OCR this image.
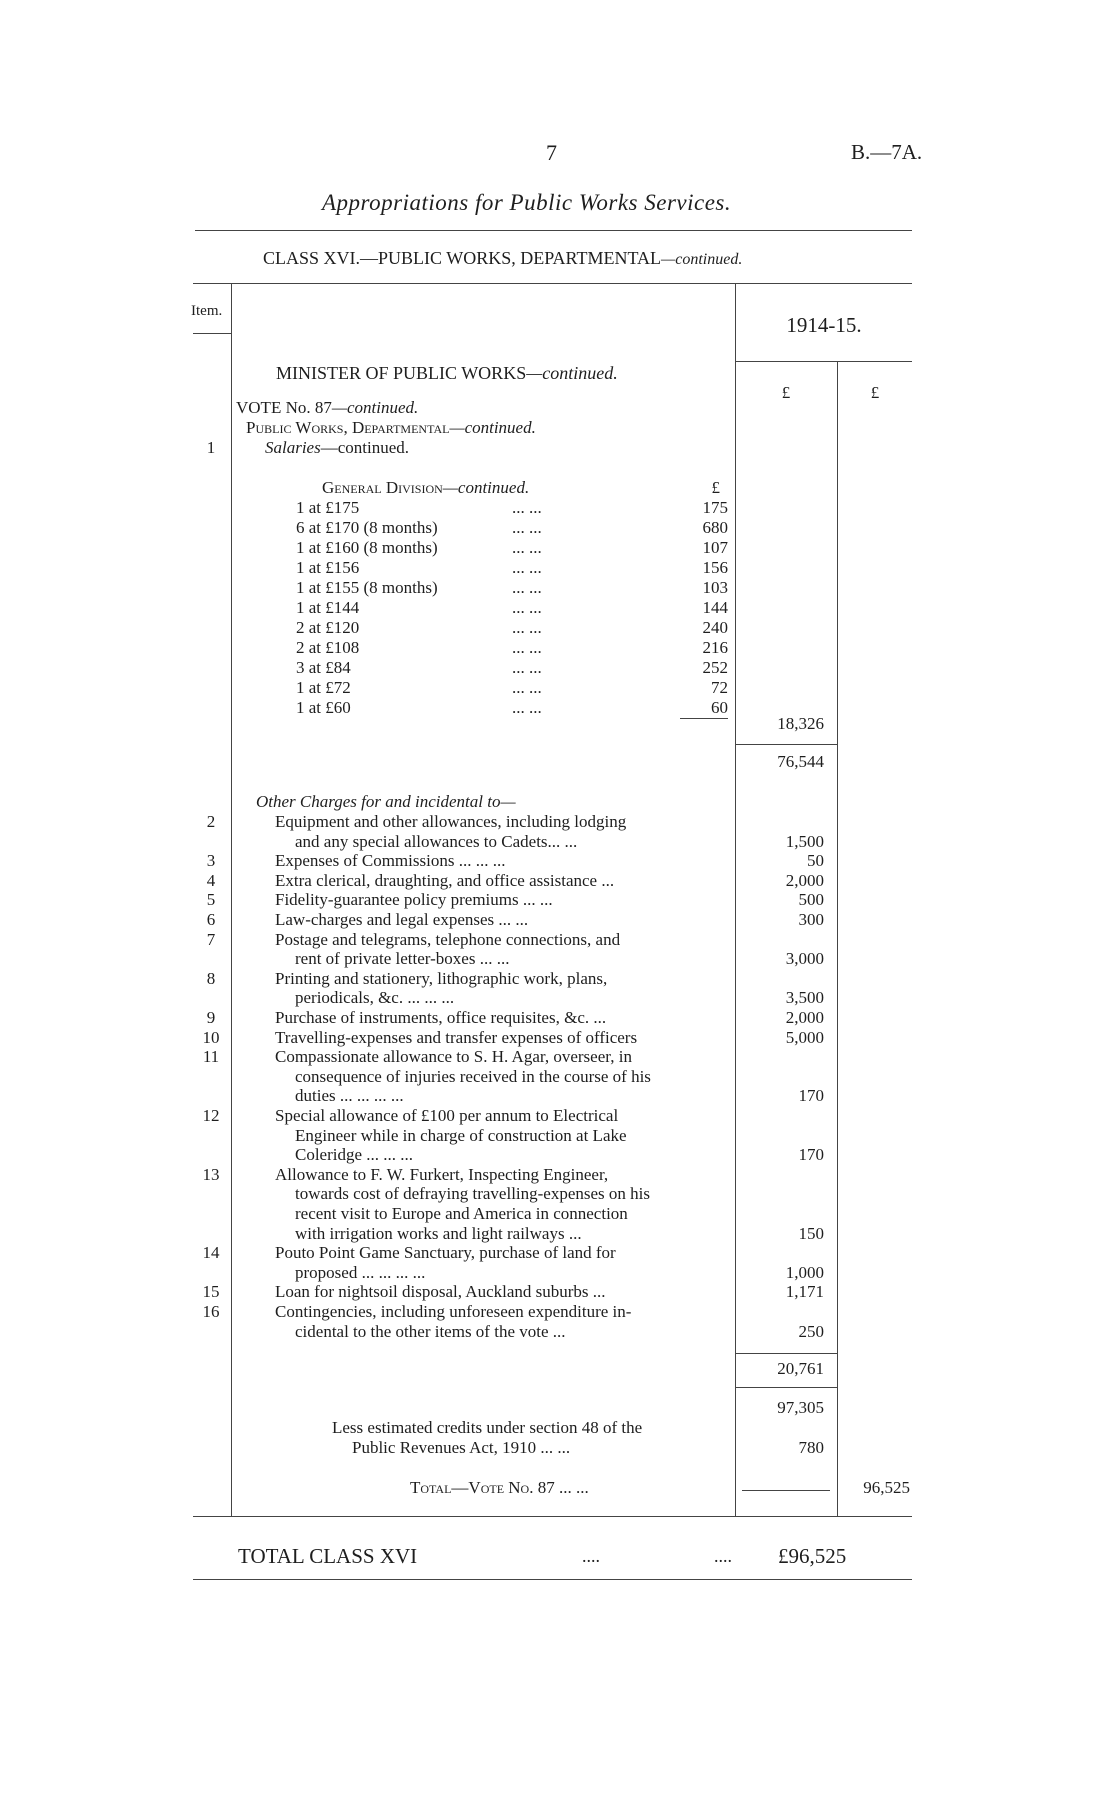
7	B.—7A.
Appropriations for Public Works Services.
CLASS XVI.—PUBLIC WORKS, DEPARTMENTAL—continued.
Item.
1914-15.
£	£
MINISTER OF PUBLIC WORKS—continued.
VOTE No. 87—continued.
Public Works, Departmental—continued.
Salaries—continued.
1
General Division—continued.	£
1 at £175	... ...	175
6 at £170 (8 months)	... ...	680
1 at £160 (8 months)	... ...	107
1 at £156	... ...	156
1 at £155 (8 months)	... ...	103
1 at £144	... ...	144
2 at £120	... ...	240
2 at £108	... ...	216
3 at £84	... ...	252
1 at £72	... ...	72
1 at £60	... ...	60
18,326
76,544
Other Charges for and incidental to—
2	Equipment and other allowances, including lodging
and any special allowances to Cadets... ...	1,500
3	Expenses of Commissions ... ... ...	50
4	Extra clerical, draughting, and office assistance ...	2,000
5	Fidelity-guarantee policy premiums ... ...	500
6	Law-charges and legal expenses ... ...	300
7	Postage and telegrams, telephone connections, and
rent of private letter-boxes ... ...	3,000
8	Printing and stationery, lithographic work, plans,
periodicals, &c. ... ... ...	3,500
9	Purchase of instruments, office requisites, &c. ...	2,000
10	Travelling-expenses and transfer expenses of officers	5,000
11	Compassionate allowance to S. H. Agar, overseer, in
consequence of injuries received in the course of his
duties ... ... ... ...	170
12	Special allowance of £100 per annum to Electrical
Engineer while in charge of construction at Lake
Coleridge ... ... ...	170
13	Allowance to F. W. Furkert, Inspecting Engineer,
towards cost of defraying travelling-expenses on his
recent visit to Europe and America in connection
with irrigation works and light railways ...	150
14	Pouto Point Game Sanctuary, purchase of land for
proposed ... ... ... ...	1,000
15	Loan for nightsoil disposal, Auckland suburbs ...	1,171
16	Contingencies, including unforeseen expenditure in-
cidental to the other items of the vote ...	250
20,761
97,305
Less estimated credits under section 48 of the
Public Revenues Act, 1910 ... ...	780
Total—Vote No. 87 ... ...	96,525
TOTAL CLASS XVI	....	.... £96,525
